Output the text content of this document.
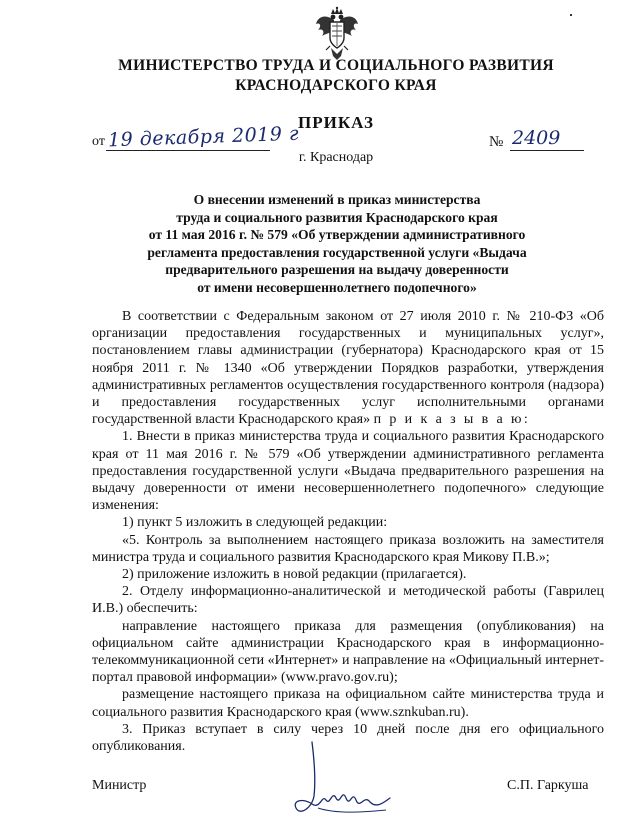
МИНИСТЕРСТВО ТРУДА И СОЦИАЛЬНОГО РАЗВИТИЯ
КРАСНОДАРСКОГО КРАЯ
ПРИКАЗ
от 19 декабря 2019 г	№ 2409
г. Краснодар
О внесении изменений в приказ министерства
труда и социального развития Краснодарского края
от 11 мая 2016 г. № 579 «Об утверждении административного
регламента предоставления государственной услуги «Выдача
предварительного разрешения на выдачу доверенности
от имени несовершеннолетнего подопечного»

В соответствии с Федеральным законом от 27 июля 2010 г. № 210-ФЗ «Об организации предоставления государственных и муниципальных услуг», постановлением главы администрации (губернатора) Краснодарского края от 15 ноября 2011 г. № 1340 «Об утверждении Порядков разработки, утверждения административных регламентов осуществления государственного контроля (надзора) и предоставления государственных услуг исполнительными органами государственной власти Краснодарского края» п р и к а з ы в а ю:

1. Внести в приказ министерства труда и социального развития Краснодарского края от 11 мая 2016 г. № 579 «Об утверждении административного регламента предоставления государственной услуги «Выдача предварительного разрешения на выдачу доверенности от имени несовершеннолетнего подопечного» следующие изменения:

1) пункт 5 изложить в следующей редакции:

«5. Контроль за выполнением настоящего приказа возложить на заместителя министра труда и социального развития Краснодарского края Микову П.В.»;

2) приложение изложить в новой редакции (прилагается).

2. Отделу информационно-аналитической и методической работы (Гаврилец И.В.) обеспечить:

направление настоящего приказа для размещения (опубликования) на официальном сайте администрации Краснодарского края в информационно-телекоммуникационной сети «Интернет» и направление на «Официальный интернет-портал правовой информации» (www.pravo.gov.ru);

размещение настоящего приказа на официальном сайте министерства труда и социального развития Краснодарского края (www.sznkuban.ru).

3. Приказ вступает в силу через 10 дней после дня его официального опубликования.

Министр	С.П. Гаркуша
